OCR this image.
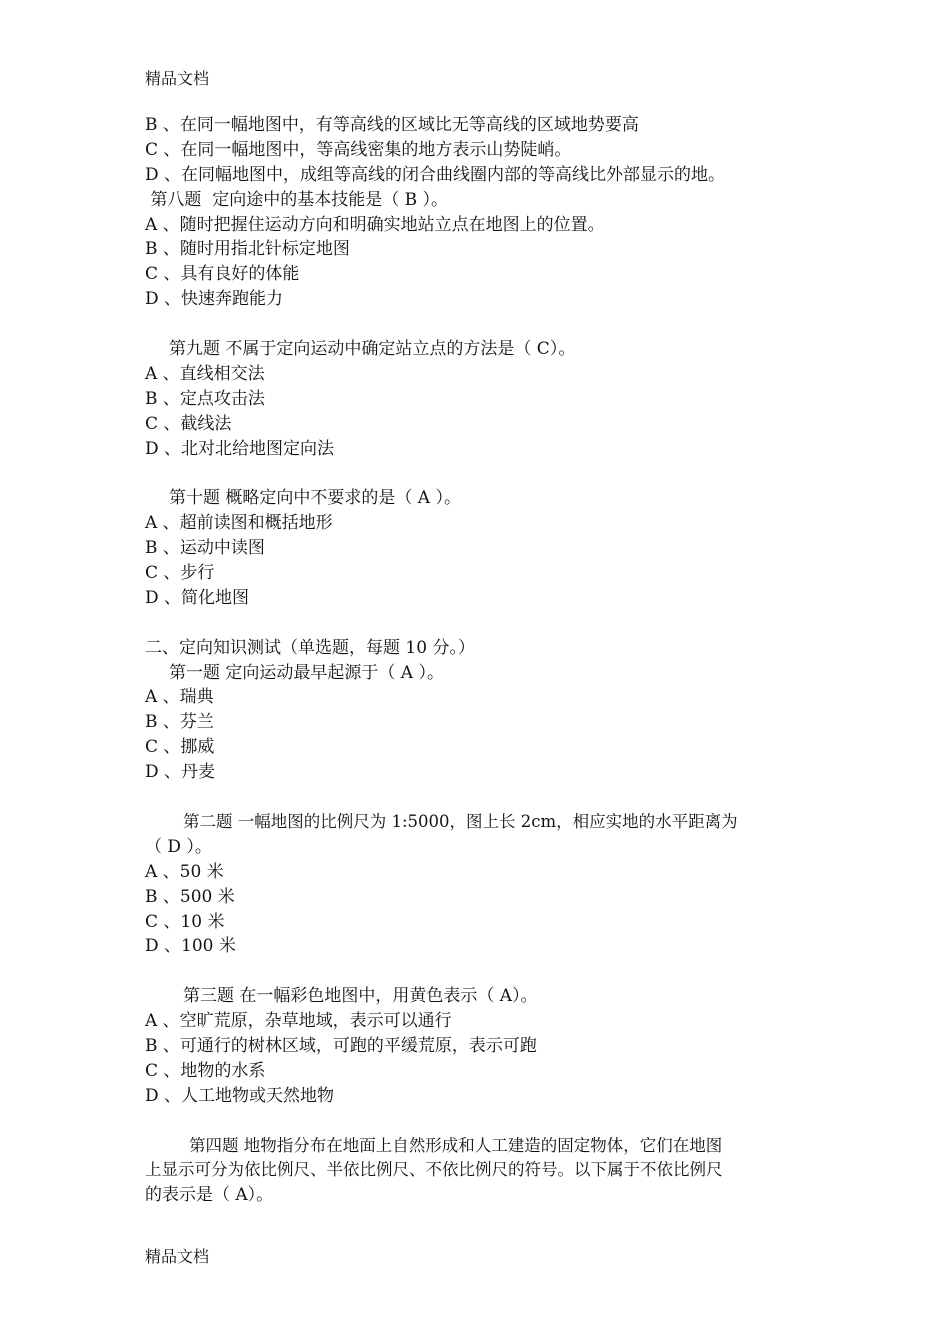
精品文档
B 、在同一幅地图中，有等高线的区域比无等高线的区域地势要高
C 、在同一幅地图中，等高线密集的地方表示山势陡峭。
D 、在同幅地图中，成组等高线的闭合曲线圈内部的等高线比外部显示的地。
第八题  定向途中的基本技能是（ B ）。
A 、随时把握住运动方向和明确实地站立点在地图上的位置。
B 、随时用指北针标定地图
C 、具有良好的体能
D 、快速奔跑能力
第九题 不属于定向运动中确定站立点的方法是（ C）。
A 、直线相交法
B 、定点攻击法
C 、截线法
D 、北对北给地图定向法
第十题 概略定向中不要求的是（ A ）。
A 、超前读图和概括地形
B 、运动中读图
C 、步行
D 、简化地图
二、定向知识测试（单选题，每题 10 分。）
第一题 定向运动最早起源于（ A ）。
A 、瑞典
B 、芬兰
C 、挪威
D 、丹麦
第二题 一幅地图的比例尺为 1:5000，图上长 2cm，相应实地的水平距离为
（ D ）。
A 、50 米
B 、500 米
C 、10 米
D 、100 米
第三题 在一幅彩色地图中，用黄色表示（ A）。
A 、空旷荒原，杂草地域，表示可以通行
B 、可通行的树林区域，可跑的平缓荒原，表示可跑
C 、地物的水系
D 、人工地物或天然地物
第四题 地物指分布在地面上自然形成和人工建造的固定物体，它们在地图
上显示可分为依比例尺、半依比例尺、不依比例尺的符号。以下属于不依比例尺
的表示是（ A）。
精品文档
